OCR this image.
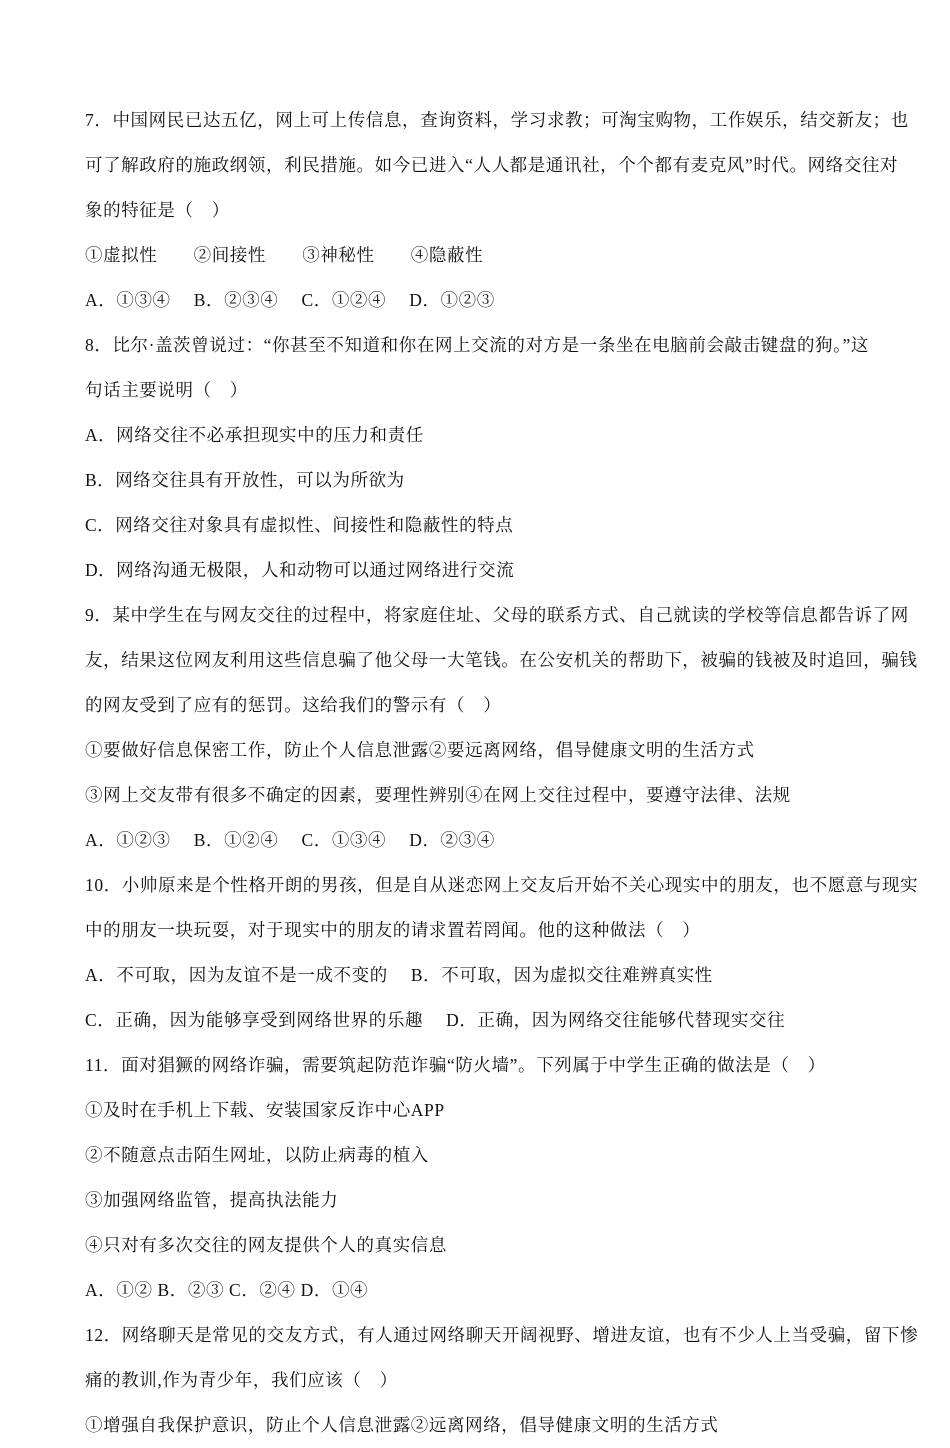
7．中国网民已达五亿，网上可上传信息，查询资料，学习求教；可淘宝购物，工作娱乐，结交新友；也
可了解政府的施政纲领，利民措施。如今已进入“人人都是通讯社，个个都有麦克风”时代。网络交往对
象的特征是（　）
①虚拟性　　②间接性　　③神秘性　　④隐蔽性
A．①③④　 B．②③④　 C．①②④　 D．①②③
8．比尔·盖茨曾说过：“你甚至不知道和你在网上交流的对方是一条坐在电脑前会敲击键盘的狗。”这
句话主要说明（　）
A．网络交往不必承担现实中的压力和责任
B．网络交往具有开放性，可以为所欲为
C．网络交往对象具有虚拟性、间接性和隐蔽性的特点
D．网络沟通无极限，人和动物可以通过网络进行交流
9．某中学生在与网友交往的过程中，将家庭住址、父母的联系方式、自己就读的学校等信息都告诉了网
友，结果这位网友利用这些信息骗了他父母一大笔钱。在公安机关的帮助下，被骗的钱被及时追回，骗钱
的网友受到了应有的惩罚。这给我们的警示有（　）
①要做好信息保密工作，防止个人信息泄露②要远离网络，倡导健康文明的生活方式
③网上交友带有很多不确定的因素，要理性辨别④在网上交往过程中，要遵守法律、法规
A．①②③　 B．①②④　 C．①③④　 D．②③④
10．小帅原来是个性格开朗的男孩，但是自从迷恋网上交友后开始不关心现实中的朋友，也不愿意与现实
中的朋友一块玩耍，对于现实中的朋友的请求置若罔闻。他的这种做法（　）
A．不可取，因为友谊不是一成不变的　 B．不可取，因为虚拟交往难辨真实性
C．正确，因为能够享受到网络世界的乐趣　 D．正确，因为网络交往能够代替现实交往
11．面对猖獗的网络诈骗，需要筑起防范诈骗“防火墙”。下列属于中学生正确的做法是（　）
①及时在手机上下载、安装国家反诈中心APP
②不随意点击陌生网址，以防止病毒的植入
③加强网络监管，提高执法能力
④只对有多次交往的网友提供个人的真实信息
A．①② B．②③ C．②④ D．①④
12．网络聊天是常见的交友方式，有人通过网络聊天开阔视野、增进友谊，也有不少人上当受骗，留下惨
痛的教训,作为青少年，我们应该（　）
①增强自我保护意识，防止个人信息泄露②远离网络，倡导健康文明的生活方式
